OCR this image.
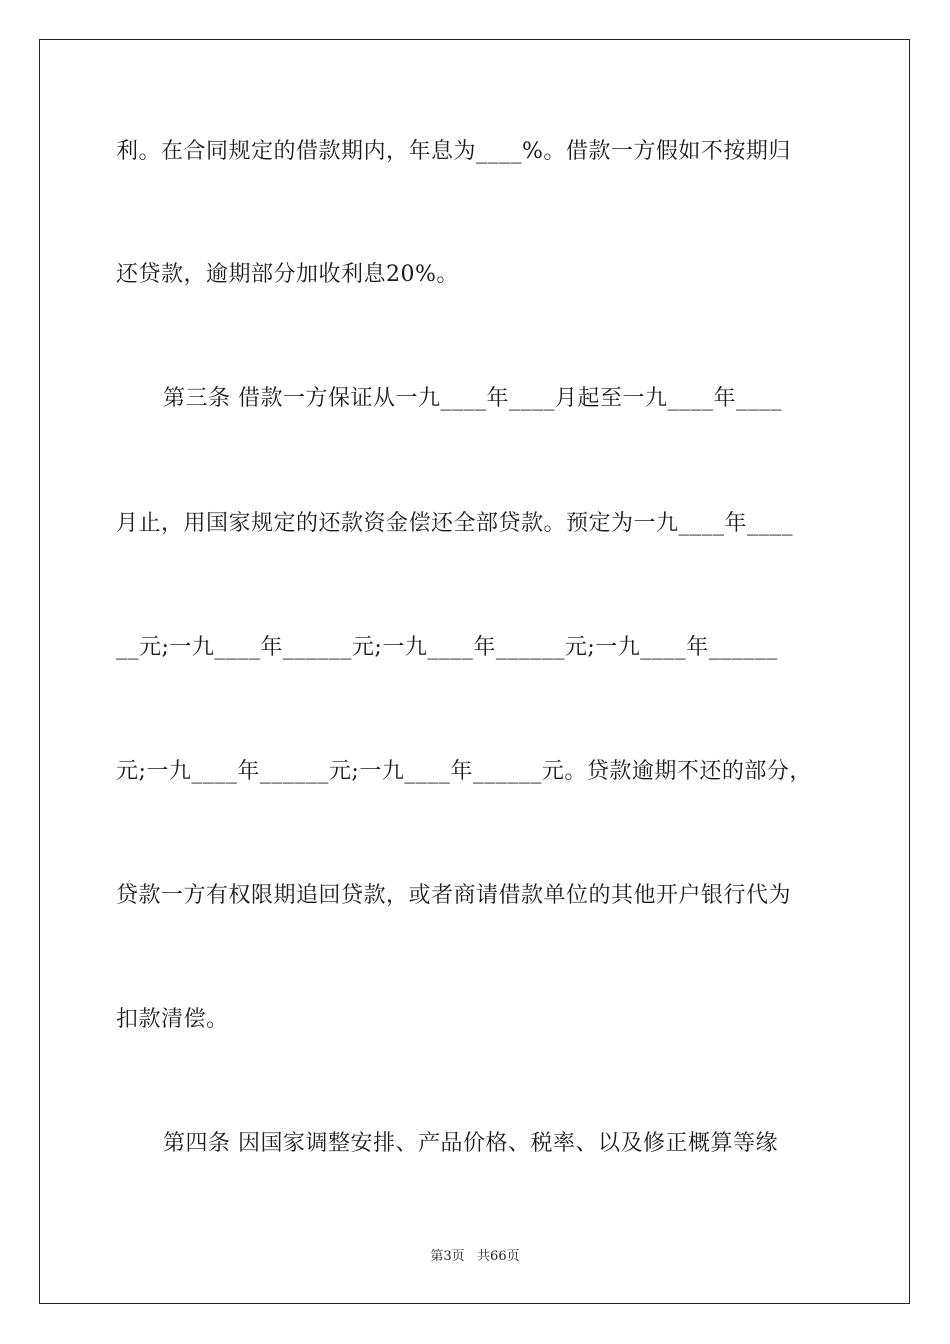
利。在合同规定的借款期内，年息为____%。借款一方假如不按期归
还贷款，逾期部分加收利息20%。
第三条 借款一方保证从一九____年____月起至一九____年____
月止，用国家规定的还款资金偿还全部贷款。预定为一九____年____
__元;一九____年______元;一九____年______元;一九____年______
元;一九____年______元;一九____年______元。贷款逾期不还的部分，
贷款一方有权限期追回贷款，或者商请借款单位的其他开户银行代为
扣款清偿。
第四条 因国家调整安排、产品价格、税率、以及修正概算等缘
第3页   共66页
